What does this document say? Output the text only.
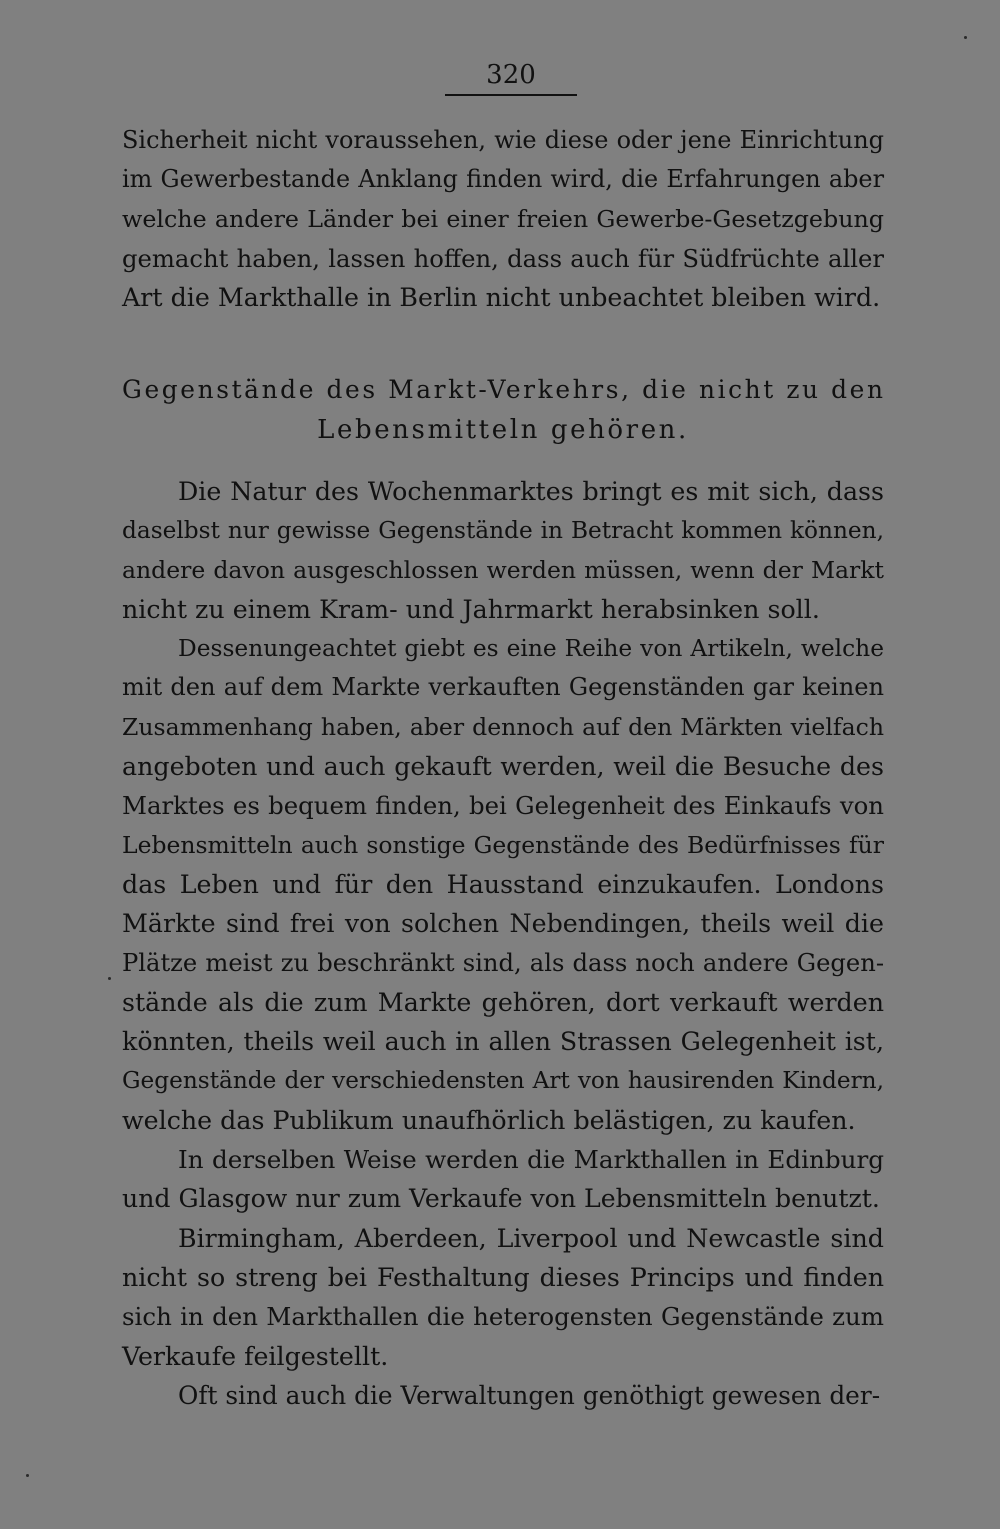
320
Sicherheit nicht voraussehen, wie diese oder jene Einrichtung
im Gewerbestande Anklang finden wird, die Erfahrungen aber
welche andere Länder bei einer freien Gewerbe-Gesetzgebung
gemacht haben, lassen hoffen, dass auch für Südfrüchte aller
Art die Markthalle in Berlin nicht unbeachtet bleiben wird.
Gegenstände des Markt-Verkehrs, die nicht zu den
Lebensmitteln gehören.
Die Natur des Wochenmarktes bringt es mit sich, dass
daselbst nur gewisse Gegenstände in Betracht kommen können,
andere davon ausgeschlossen werden müssen, wenn der Markt
nicht zu einem Kram- und Jahrmarkt herabsinken soll.
Dessenungeachtet giebt es eine Reihe von Artikeln, welche
mit den auf dem Markte verkauften Gegenständen gar keinen
Zusammenhang haben, aber dennoch auf den Märkten vielfach
angeboten und auch gekauft werden, weil die Besuche des
Marktes es bequem finden, bei Gelegenheit des Einkaufs von
Lebensmitteln auch sonstige Gegenstände des Bedürfnisses für
das Leben und für den Hausstand einzukaufen. Londons
Märkte sind frei von solchen Nebendingen, theils weil die
Plätze meist zu beschränkt sind, als dass noch andere Gegen-
stände als die zum Markte gehören, dort verkauft werden
könnten, theils weil auch in allen Strassen Gelegenheit ist,
Gegenstände der verschiedensten Art von hausirenden Kindern,
welche das Publikum unaufhörlich belästigen, zu kaufen.
In derselben Weise werden die Markthallen in Edinburg
und Glasgow nur zum Verkaufe von Lebensmitteln benutzt.
Birmingham, Aberdeen, Liverpool und Newcastle sind
nicht so streng bei Festhaltung dieses Princips und finden
sich in den Markthallen die heterogensten Gegenstände zum
Verkaufe feilgestellt.
Oft sind auch die Verwaltungen genöthigt gewesen der-
